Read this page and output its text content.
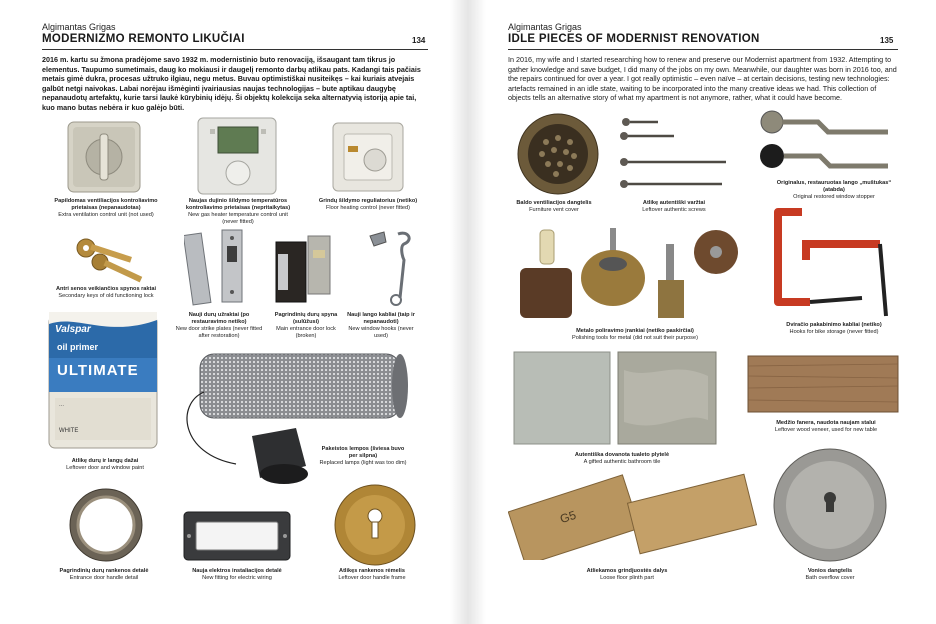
Algimantas Grigas
MODERNIZMO REMONTO LIKUČIAI	134
2016 m. kartu su žmona pradėjome savo 1932 m. modernistinio buto renovaciją, išsaugant tam tikrus jo elementus. Taupumo sumetimais, daug ko mokiausi ir daugelį remonto darbų atlikau pats. Kadangi tais pačiais metais gimė dukra, procesas užtruko ilgiau, negu metus. Buvau optimistiškai nusiteikęs – kai kuriais atvejais galbūt netgi naivokas. Labai norėjau išmėginti įvairiausias naujas technologijas – bute aptikau daugybę nepanaudotų artefaktų, kurie tarsi laukė kūrybinių idėjų. Ši objektų kolekcija seka alternatyvią istoriją apie tai, kuo mano butas nebėra ir kuo galėjo būti.
Papildomas ventiliacijos kontroliavimo prietaisas (nepanaudotas)
Extra ventilation control unit (not used)
Naujas dujinio šildymo temperatūros kontroliavimo prietaisas (nepritaikytas)
New gas heater temperature control unit (never fitted)
Grindų šildymo reguliatorius (netiko)
Floor heating control (never fitted)
Antri senos veikiančios spynos raktai
Secondary keys of old functioning lock
Nauji durų užraktai (po restauravimo netiko)
New door strike plates (never fitted after restoration)
Pagrindinių durų spyna (sulūžusi)
Main entrance door lock (broken)
Nauji lango kabliai (taip ir nepanaudoti)
New window hooks (never used)
Valspar
oil primer
ULTIMATE
...
WHITE
Atlikę durų ir langų dažai
Leftover door and window paint
Pakeistos lempos (šviesa buvo per silpna)
Replaced lamps (light was too dim)
Pagrindinių durų rankenos detalė
Entrance door handle detail
Nauja elektros instaliacijos detalė
New fitting for electric wiring
Atlikęs rankenos rėmelis
Leftover door handle frame
Algimantas Grigas
IDLE PIECES OF MODERNIST RENOVATION	135
In 2016, my wife and I started researching how to renew and preserve our Modernist apartment from 1932. Attempting to gather knowledge and save budget, I did many of the jobs on my own. Meanwhile, our daughter was born in 2016 too, and the repairs continued for over a year. I got really optimistic – even naïve – at certain decisions, testing new technologies: artefacts remained in an idle state, waiting to be incorporated into the many creative ideas we had. This collection of objects tells an alternative story of what my apartment is not anymore, rather, what it could have become.
Baldo ventiliacijos dangtelis
Furniture vent cover
Atlikę autentiški varžtai
Leftover authentic screws
Originalus, restauruotas lango „muštukas“ (atabda)
Original restored window stopper
Metalo poliravimo įrankiai (netiko paskirčiai)
Polishing tools for metal (did not suit their purpose)
Dviračio pakabinimo kabliai (netiko)
Hooks for bike storage (never fitted)
Autentiška dovanota tualeto plytelė
A gifted authentic bathroom tile
Medžio fanera, naudota naujam stalui
Leftover wood veneer, used for new table
G5
Atliekamos grindjuostės dalys
Loose floor plinth part
Vonios dangtelis
Bath overflow cover
